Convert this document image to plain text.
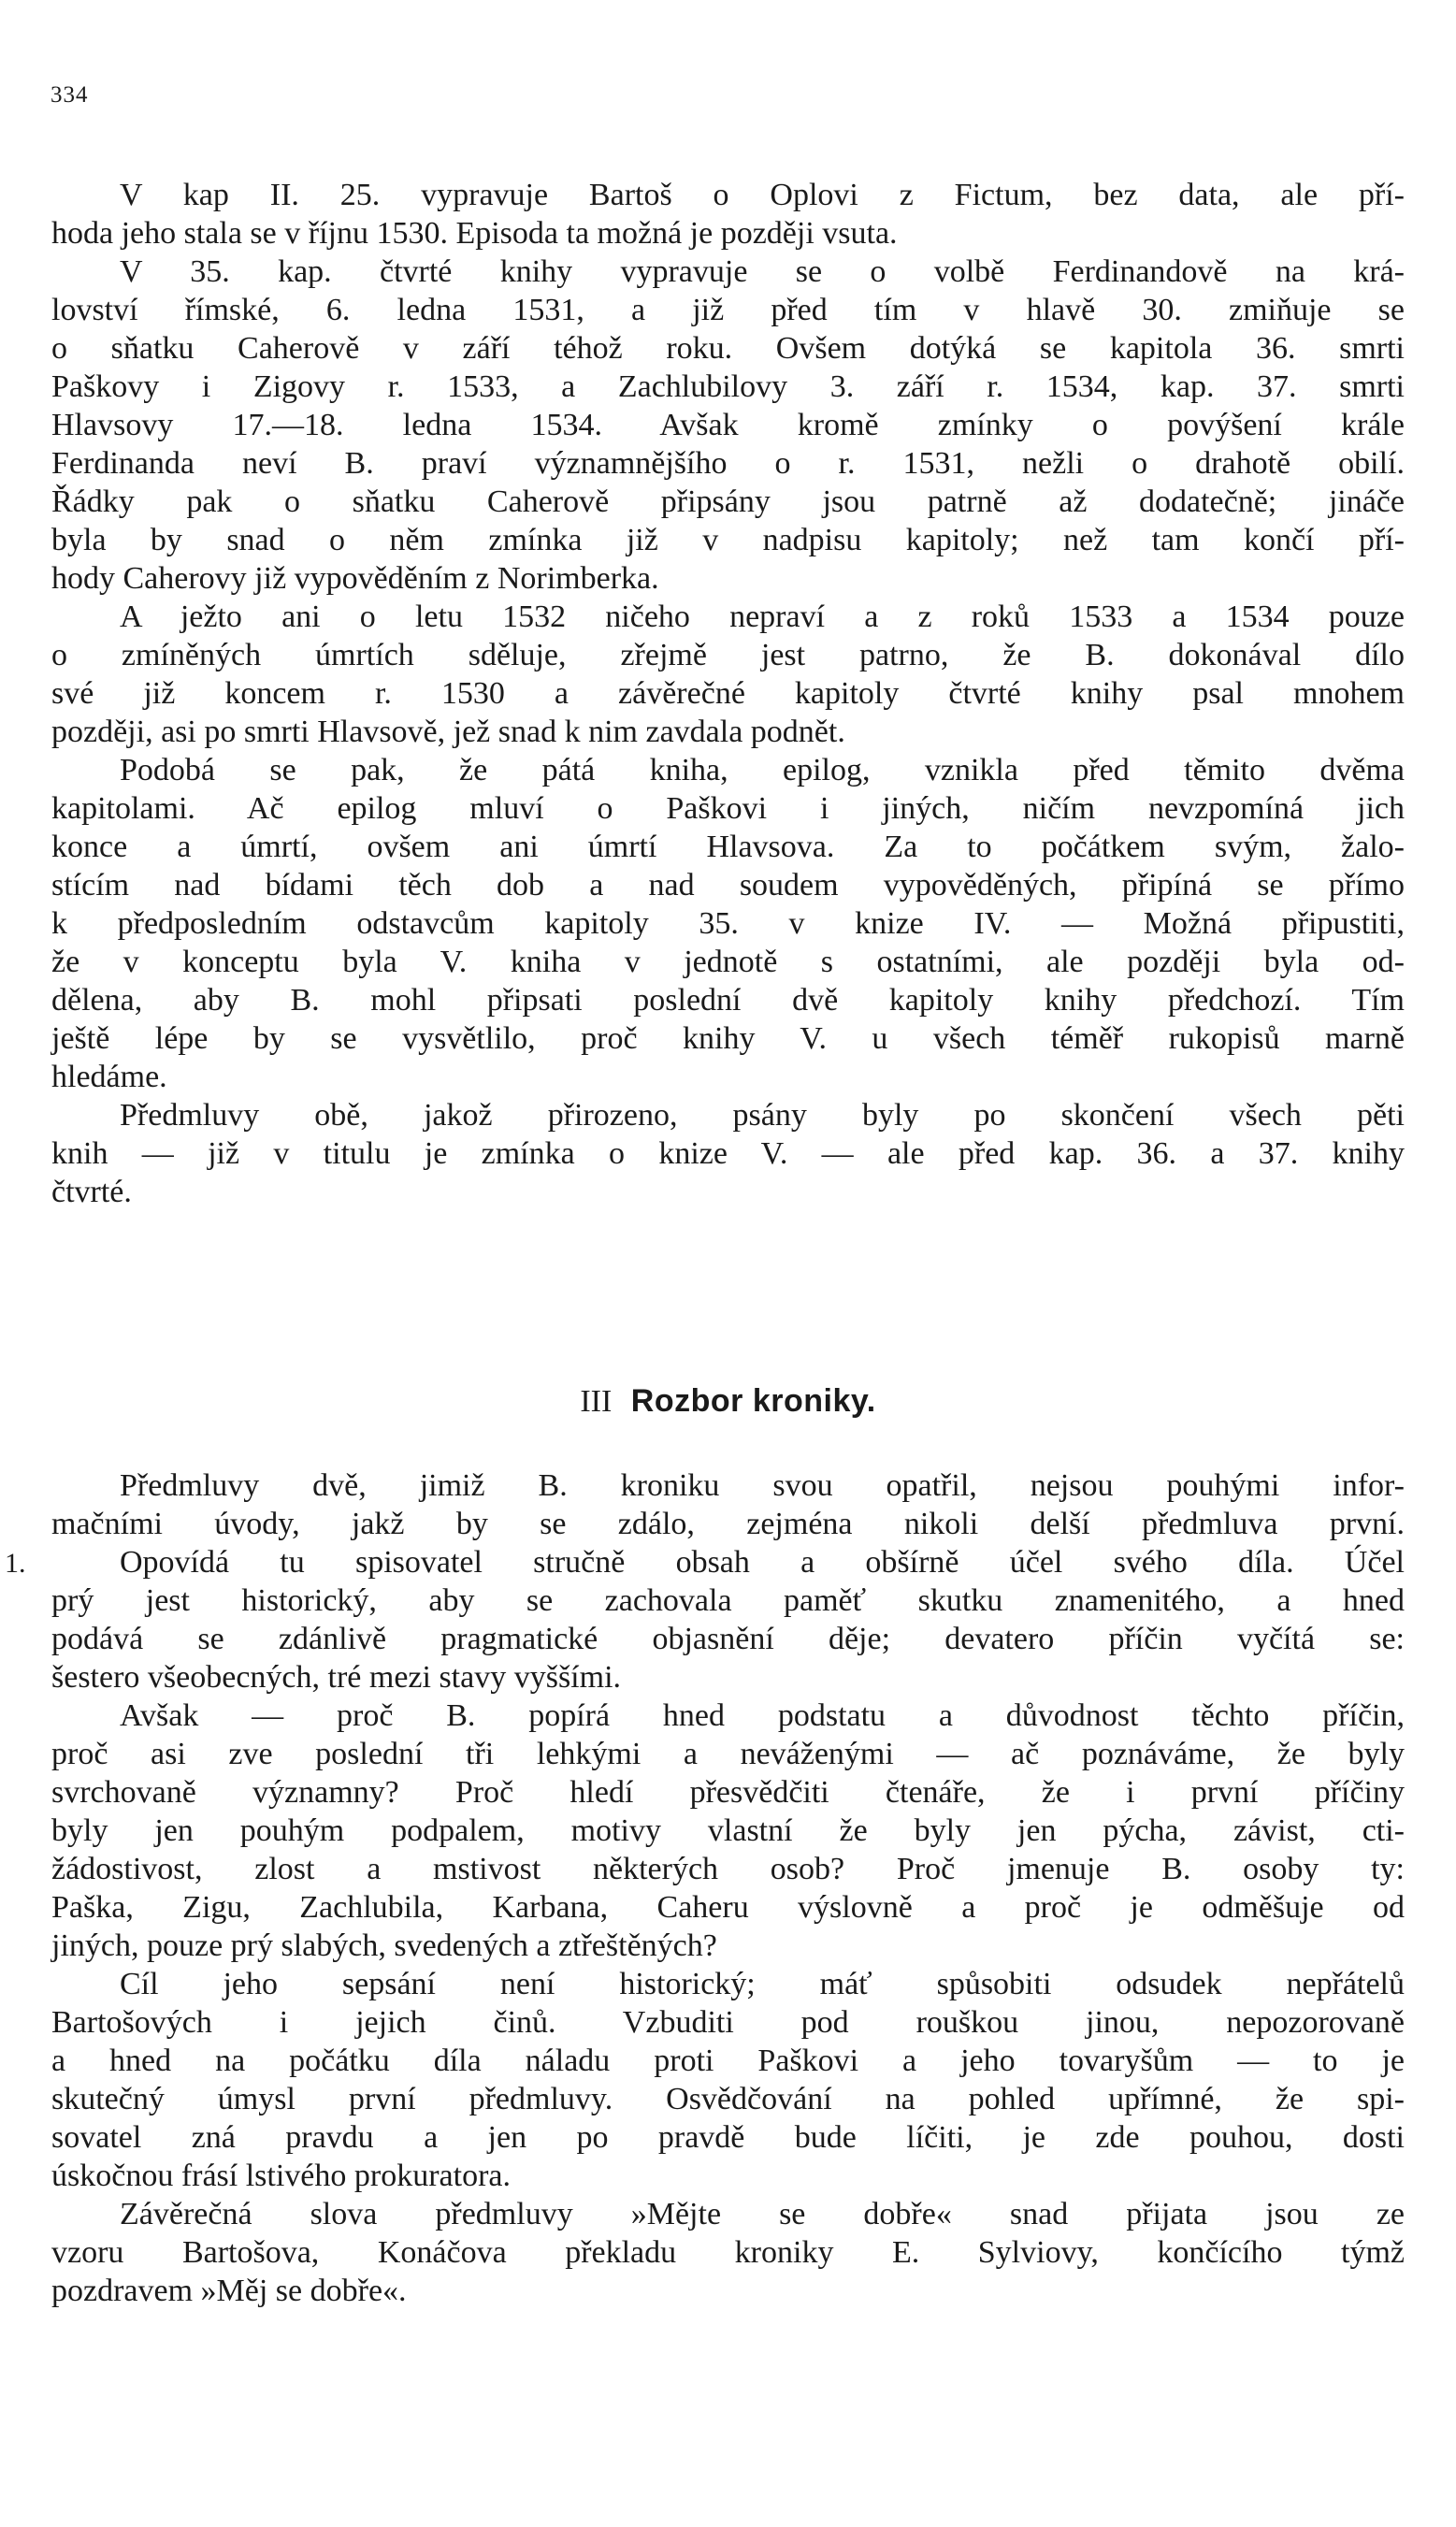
334
V kap II. 25. vypravuje Bartoš o Oplovi z Fictum, bez data, ale pří-
hoda jeho stala se v říjnu 1530. Episoda ta možná je později vsuta.
V 35. kap. čtvrté knihy vypravuje se o volbě Ferdinandově na krá-
lovství římské, 6. ledna 1531, a již před tím v hlavě 30. zmiňuje se
o sňatku Caherově v září téhož roku. Ovšem dotýká se kapitola 36. smrti
Paškovy i Zigovy r. 1533, a Zachlubilovy 3. září r. 1534, kap. 37. smrti
Hlavsovy 17.—18. ledna 1534. Avšak kromě zmínky o povýšení krále
Ferdinanda neví B. praví významnějšího o r. 1531, nežli o drahotě obilí.
Řádky pak o sňatku Caherově připsány jsou patrně až dodatečně; jináče
byla by snad o něm zmínka již v nadpisu kapitoly; než tam končí pří-
hody Caherovy již vypověděním z Norimberka.
A ježto ani o letu 1532 ničeho nepraví a z roků 1533 a 1534 pouze
o zmíněných úmrtích sděluje, zřejmě jest patrno, že B. dokonával dílo
své již koncem r. 1530 a závěrečné kapitoly čtvrté knihy psal mnohem
později, asi po smrti Hlavsově, jež snad k nim zavdala podnět.
Podobá se pak, že pátá kniha, epilog, vznikla před těmito dvěma
kapitolami. Ač epilog mluví o Paškovi i jiných, ničím nevzpomíná jich
konce a úmrtí, ovšem ani úmrtí Hlavsova. Za to počátkem svým, žalo-
stícím nad bídami těch dob a nad soudem vypověděných, připíná se přímo
k předposledním odstavcům kapitoly 35. v knize IV. — Možná připustiti,
že v konceptu byla V. kniha v jednotě s ostatními, ale později byla od-
dělena, aby B. mohl připsati poslední dvě kapitoly knihy předchozí. Tím
ještě lépe by se vysvětlilo, proč knihy V. u všech téměř rukopisů marně
hledáme.
Předmluvy obě, jakož přirozeno, psány byly po skončení všech pěti
knih — již v titulu je zmínka o knize V. — ale před kap. 36. a 37. knihy
čtvrté.
III Rozbor kroniky.
1.
Předmluvy dvě, jimiž B. kroniku svou opatřil, nejsou pouhými infor-
mačními úvody, jakž by se zdálo, zejména nikoli delší předmluva první.
Opovídá tu spisovatel stručně obsah a obšírně účel svého díla. Účel
prý jest historický, aby se zachovala paměť skutku znamenitého, a hned
podává se zdánlivě pragmatické objasnění děje; devatero příčin vyčítá se:
šestero všeobecných, tré mezi stavy vyššími.
Avšak — proč B. popírá hned podstatu a důvodnost těchto příčin,
proč asi zve poslední tři lehkými a neváženými — ač poznáváme, že byly
svrchovaně významny? Proč hledí přesvědčiti čtenáře, že i první příčiny
byly jen pouhým podpalem, motivy vlastní že byly jen pýcha, závist, cti-
žádostivost, zlost a mstivost některých osob? Proč jmenuje B. osoby ty:
Paška, Zigu, Zachlubila, Karbana, Caheru výslovně a proč je odměšuje od
jiných, pouze prý slabých, svedených a ztřeštěných?
Cíl jeho sepsání není historický; máť spůsobiti odsudek nepřátelů
Bartošových i jejich činů. Vzbuditi pod rouškou jinou, nepozorovaně
a hned na počátku díla náladu proti Paškovi a jeho tovaryšům — to je
skutečný úmysl první předmluvy. Osvědčování na pohled upřímné, že spi-
sovatel zná pravdu a jen po pravdě bude líčiti, je zde pouhou, dosti
úskočnou frásí lstivého prokuratora.
Závěrečná slova předmluvy »Mějte se dobře« snad přijata jsou ze
vzoru Bartošova, Konáčova překladu kroniky E. Sylviovy, končícího týmž
pozdravem »Měj se dobře«.
